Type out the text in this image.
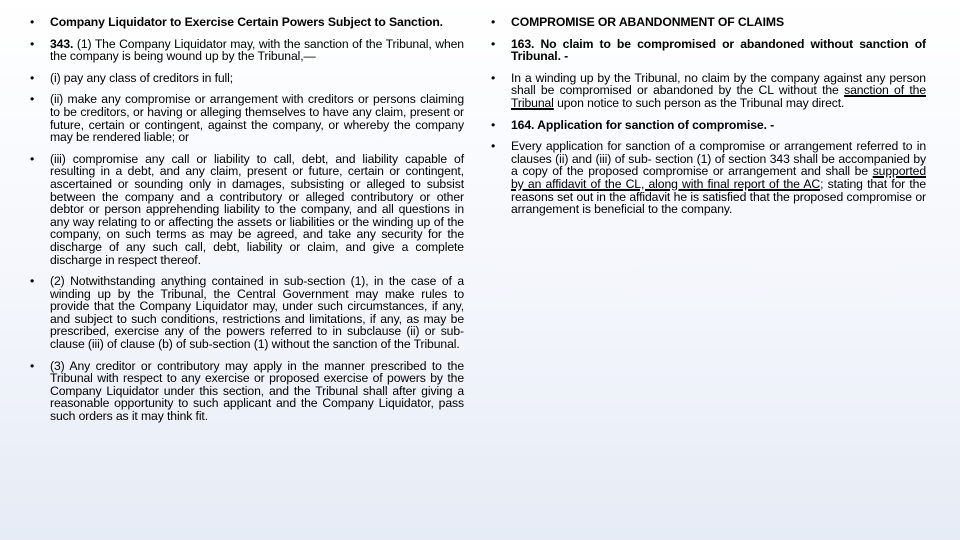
• Company Liquidator to Exercise Certain Powers Subject to Sanction.
• 343. (1) The Company Liquidator may, with the sanction of the Tribunal, when the company is being wound up by the Tribunal,—
• (i) pay any class of creditors in full;
• (ii) make any compromise or arrangement with creditors or persons claiming to be creditors, or having or alleging themselves to have any claim, present or future, certain or contingent, against the company, or whereby the company may be rendered liable; or
• (iii) compromise any call or liability to call, debt, and liability capable of resulting in a debt, and any claim, present or future, certain or contingent, ascertained or sounding only in damages, subsisting or alleged to subsist between the company and a contributory or alleged contributory or other debtor or person apprehending liability to the company, and all questions in any way relating to or affecting the assets or liabilities or the winding up of the company, on such terms as may be agreed, and take any security for the discharge of any such call, debt, liability or claim, and give a complete discharge in respect thereof.
• (2) Notwithstanding anything contained in sub-section (1), in the case of a winding up by the Tribunal, the Central Government may make rules to provide that the Company Liquidator may, under such circumstances, if any, and subject to such conditions, restrictions and limitations, if any, as may be prescribed, exercise any of the powers referred to in subclause (ii) or sub-clause (iii) of clause (b) of sub-section (1) without the sanction of the Tribunal.
• (3) Any creditor or contributory may apply in the manner prescribed to the Tribunal with respect to any exercise or proposed exercise of powers by the Company Liquidator under this section, and the Tribunal shall after giving a reasonable opportunity to such applicant and the Company Liquidator, pass such orders as it may think fit.
• COMPROMISE OR ABANDONMENT OF CLAIMS
• 163. No claim to be compromised or abandoned without sanction of Tribunal. -
• In a winding up by the Tribunal, no claim by the company against any person shall be compromised or abandoned by the CL without the sanction of the Tribunal upon notice to such person as the Tribunal may direct.
• 164. Application for sanction of compromise. -
• Every application for sanction of a compromise or arrangement referred to in clauses (ii) and (iii) of sub- section (1) of section 343 shall be accompanied by a copy of the proposed compromise or arrangement and shall be supported by an affidavit of the CL, along with final report of the AC; stating that for the reasons set out in the affidavit he is satisfied that the proposed compromise or arrangement is beneficial to the company.
